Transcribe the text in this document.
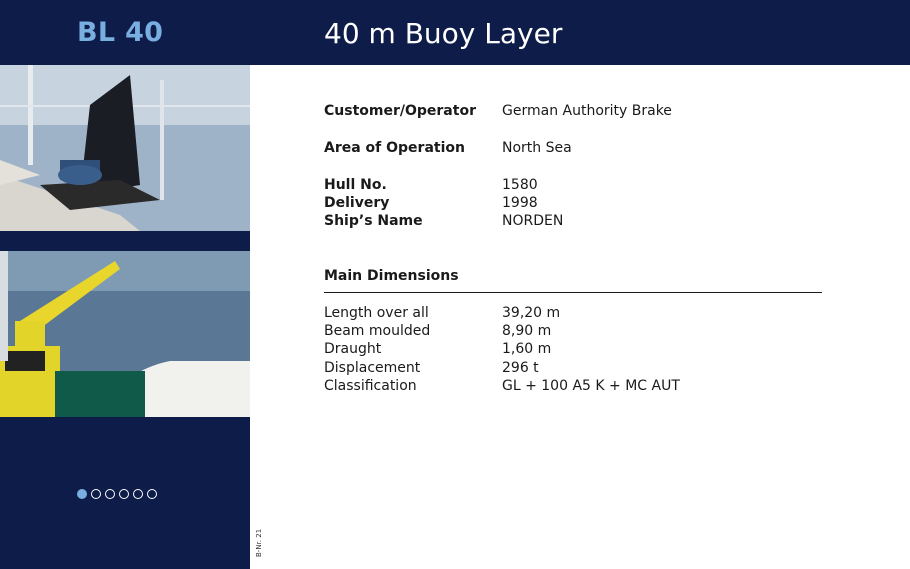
BL 40	40 m Buoy Layer
B-Nr. 21
Customer/Operator German Authority Brake
Area of Operation	North Sea
Hull No.	1580
Delivery	1998
Ship’s Name	NORDEN
Main Dimensions
Length over all	39,20 m
Beam moulded	8,90 m
Draught	1,60 m
Displacement	296 t
Classification	GL + 100 A5 K + MC AUT
